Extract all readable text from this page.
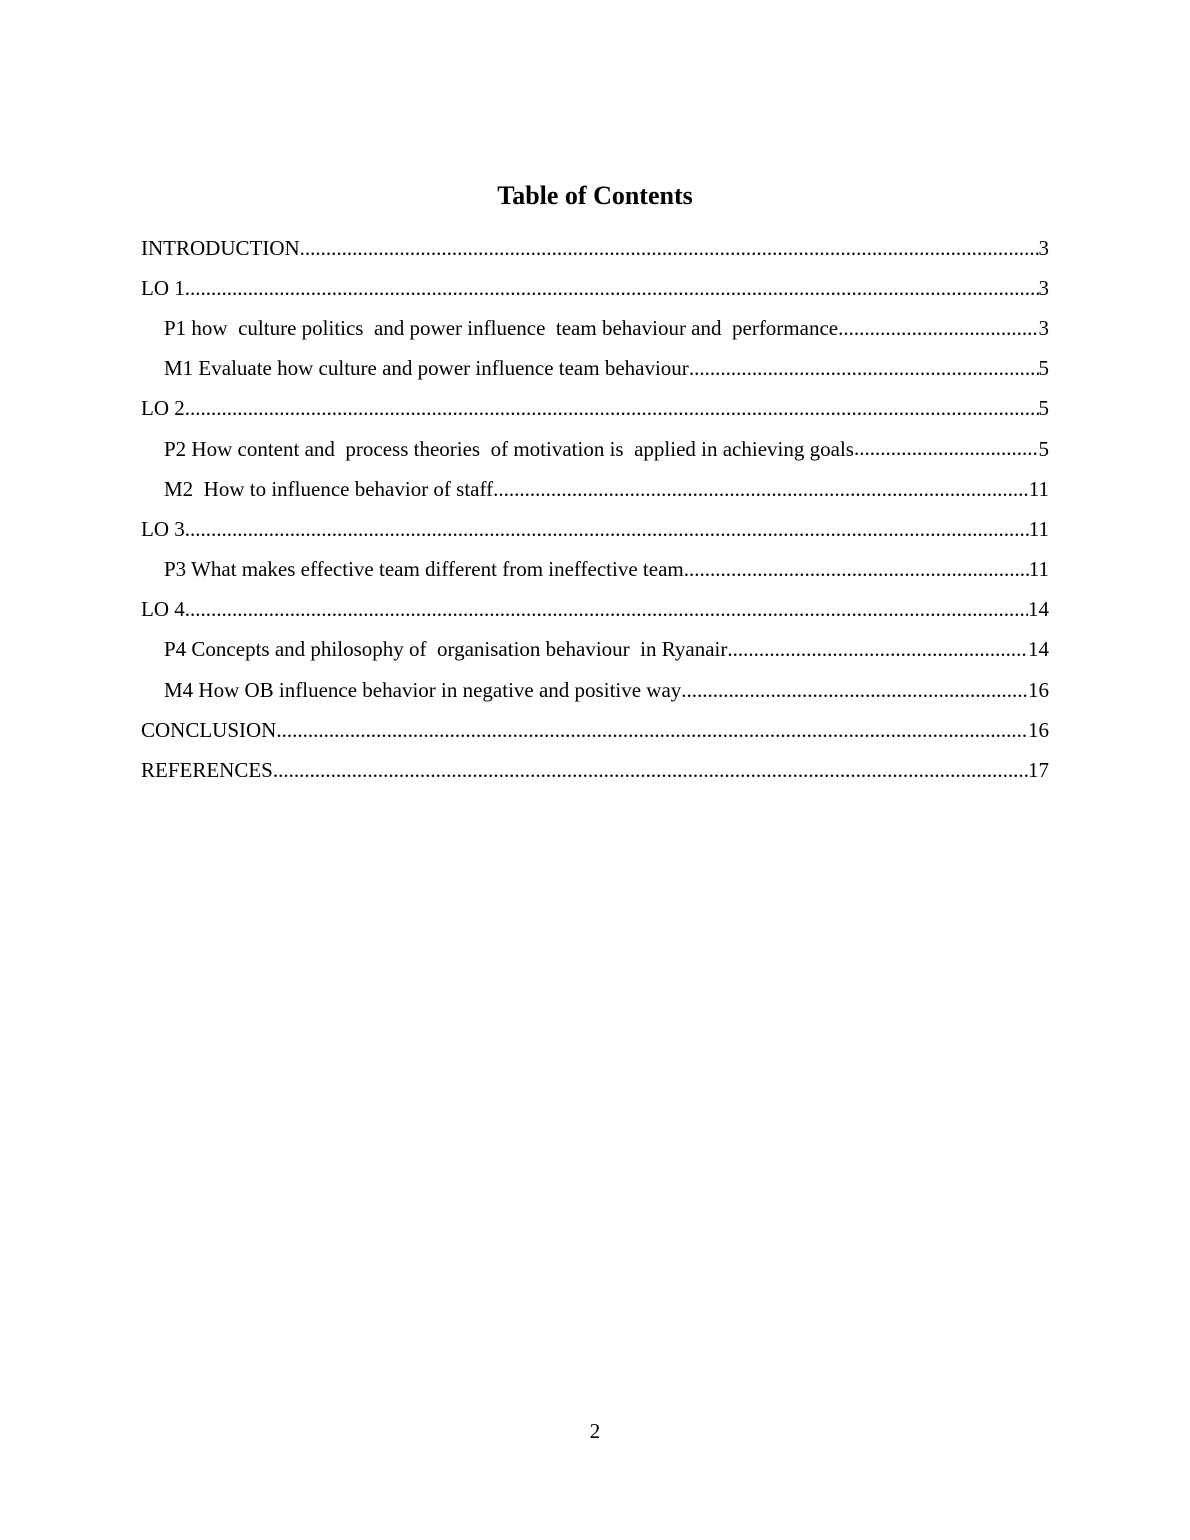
Table of Contents
INTRODUCTION .....	3
LO 1 .....	3
P1 how  culture politics  and power influence  team behaviour and  performance .....	3
M1 Evaluate how culture and power influence team behaviour .....	5
LO 2 .....	5
P2 How content and  process theories  of motivation is  applied in achieving goals .....	5
M2  How to influence behavior of staff .....	11
LO 3 .....	11
P3 What makes effective team different from ineffective team .....	11
LO 4 .....	14
P4 Concepts and philosophy of  organisation behaviour  in Ryanair .....	14
M4 How OB influence behavior in negative and positive way .....	16
CONCLUSION .....	16
REFERENCES .....	17
2
